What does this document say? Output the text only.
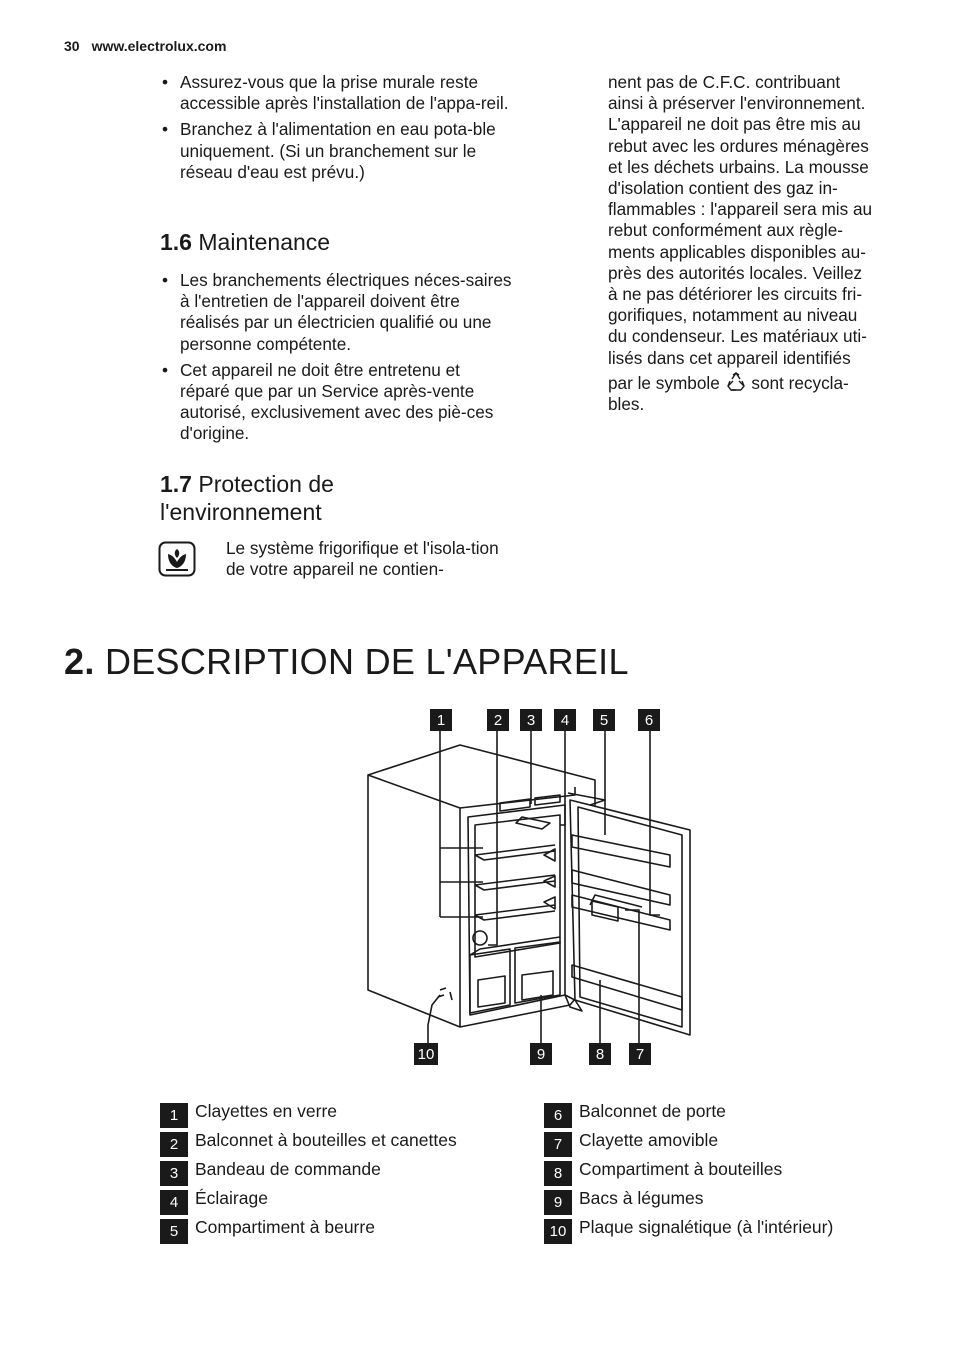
30 www.electrolux.com
• Assurez-vous que la prise murale reste accessible après l'installation de l'appa-reil.
• Branchez à l'alimentation en eau pota-ble uniquement. (Si un branchement sur le réseau d'eau est prévu.)
1.6 Maintenance
• Les branchements électriques néces-saires à l'entretien de l'appareil doivent être réalisés par un électricien qualifié ou une personne compétente.
• Cet appareil ne doit être entretenu et réparé que par un Service après-vente autorisé, exclusivement avec des piè-ces d'origine.
1.7 Protection de l'environnement
Le système frigorifique et l'isola-tion de votre appareil ne contien-
nent pas de C.F.C. contribuant
ainsi à préserver l'environnement.
L'appareil ne doit pas être mis au
rebut avec les ordures ménagères
et les déchets urbains. La mousse
d'isolation contient des gaz in-
flammables : l'appareil sera mis au
rebut conformément aux règle-
ments applicables disponibles au-
près des autorités locales. Veillez
à ne pas détériorer les circuits fri-
gorifiques, notamment au niveau
du condenseur. Les matériaux uti-
lisés dans cet appareil identifiés
par le symbole sont recycla-
bles.
2. DESCRIPTION DE L'APPAREIL
1	2 3 4 5 6
10	9	8 7
1 Clayettes en verre
2 Balconnet à bouteilles et canettes
3 Bandeau de commande
4 Éclairage
5 Compartiment à beurre
6 Balconnet de porte
7 Clayette amovible
8 Compartiment à bouteilles
9 Bacs à légumes
10 Plaque signalétique (à l'intérieur)
